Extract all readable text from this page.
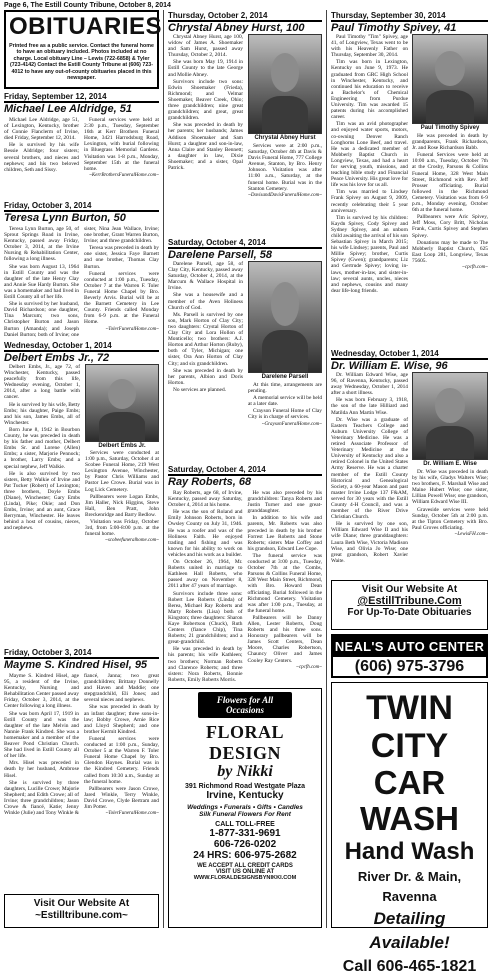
Page 6, The Estill County Tribune, October 8, 2014
OBITUARIES
Printed free as a public service. Contact the funeral home to have an obituary included. Photos included at no charge. Local obituary Line – Lewis (722-6858) & Tyler (723-4142) Contact the Estill County Tribune at (606) 723-4012 to have any out-of-county obituaries placed in this newspaper.
Friday, September 12, 2014
Michael Lee Aldridge, 51

Michael Lee Aldridge, age 51, of Lexington, Kentucky, brother of Connie Flanclerm of Irvine, died Friday, September 12, 2014.

He is survived by his wife Bessie Aldridge; four sisters; several brothers, and nieces and nephews; and his two beloved children, Seth and Sissy.

Funeral services were held at 2:30 p.m., Tuesday, September 16th at Kerr Brothers Funeral Home, 3421 Harrodsburg Road, Lexington, with burial following in Bluegrass Memorial Gardens. Visitation was 1-8 p.m., Monday, September 15th at the funeral home.

~KerrBrothersFuneralHome.com~
Friday, October 3, 2014
Teresa Lynn Burton, 50

Teresa Lynn Burton, age 50, of Sprout Springs Road in Irvine, Kentucky, passed away Friday, October 3, 2014, at the Irvine Nursing & Rehabilitation Center, following a long illness.

She was born August 13, 1964 in Estill County and was the daughter of the late Henry Clay and Annie Sue Hardy Burton. She was a homemaker and had lived in Estill County all of her life.

She is survived by her husband, David Richardson; one daughter, Tina Marcum; two sons, Christopher Burton and Jason Burton (Amanda); and Joseph Daniel Burton; both of Irvine; one sister, Nina Jean Wallace, Irvine; one brother, Grant Warren Burton, Irvine; and three grandchildren.

Teresa was preceded in death by one sister, Jessica Faye Barnett and one brother, Thomas Clay Burton.

Funeral services were conducted at 1:00 p.m., Tuesday, October 7 at the Warren F. Toler Funeral Home Chapel by Bro. Beverly Arvis. Burial will be at the Barnett Cemetery in Lee County. Friends called Monday from 6-9 p.m. at the Funeral Home.

~TolerFuneralHome.com~
Wednesday, October 1, 2014
Delbert Embs Jr., 72
Delbert Embs Jr.

Delbert Embs, Jr., age 72, of Winchester, Kentucky, passed peacefully from this life, Wednesday evening, October 1, 2014, after a long battle with cancer.

He is survived by his wife, Betty Embs; his daughter, Paige Embs; and his son, James Embs, all of Winchester.

Born June 8, 1942 in Bourbon County, he was preceded in death by his father and mother, Delbert Embs Sr. and Lorene (Allen) Embs; a sister, Marjorie Pennock; a brother, Larry Embs; and a special nephew, Jeff Walkie.

He is also survived by two sisters, Betty Walkie of Irvine and Pat Tucker (Robert) of Lexington; three brothers, Doyle Embs (Diane), Winchester; Gary Embs (Linda), Pike; Okie; and Don Embs, Irvine; and an aunt, Grace Berryman, Winchester. He leaves behind a host of cousins, nieces, and nephews.

Services were conducted at 1:00 p.m., Saturday, October 4 at Scobee Funeral Home, 219 West Lexington Avenue, Winchester, by Pastor Chris Williams and Pastor Lee Crowe. Burial was in Log Lick Cemetery.

Pallbearers were Logan Embs, Jim Haller, Nick Higgins, Steve Hall, Ben Pratt, John Breckenridge and Barry Bedlow.

Visitation was Friday, October 3rd, from 5:00-8:00 p.m. at the funeral home.

~scobeefuneralhome.com~
Friday, October 3, 2014
Mayme S. Kindred Hisel, 95

Mayme S. Kindred Hisel, age 95, a resident of the Irvine, Kentucky, Nursing and Rehabilitation Center passed away Friday, October 3, 2014, at the Center following a long illness.

She was born April 17, 1919 in Estill County and was the daughter of the late Melvin and Nannie Frank Kindred. She was a homemaker and a member of the Beaver Pond Christian Church. She had lived in Estill County all of her life.

Mrs. Hisel was preceded in death by her husband, Ambrose Hisel.

She is survived by three daughters, Lucille Crowe; Majorie Shepherd; and Edith Crowe; all of Irvine; three grandchildren; Jason Crowe & fiancé, Katie; Jenny Winkle (Julie) and Tony Winkle & fiancé, Janna; two great grandchildren; Brittany Donnelly and Haven and Maddie; one stepgrandchild, Eli Jones; and several nieces and nephews.

She was preceded in death by an infant daughter; three sons-in-law; Bobby Crowe, Arnie Rice and Lloyd Shepherd; and one brother Kermit Kindred.

Funeral services were conducted at 1:00 p.m., Sunday, October 5 at the Warren F. Toler Funeral Home Chapel by Bro. Glendon Haynes. Burial was in the Kindred Cemetery. Friends called from 10:30 a.m., Sunday at the funeral home.

Pallbearers were Jason Crowe, Jared Winkle, Terry Winkle, David Crowe, Clyde Bertram and Jim Potter.

~TolerFuneralHome.com~
Visit Our Website At
~Estilltribune.com~
Thursday, October 2, 2014
Chrystal Abney Hurst, 100

Chrystal Abney Hurst, age 100, widow of James A. Shoemaker and Sam Hurst, passed away Thursday, October 2, 2014.

She was born May 19, 1914 in Estill County to the late George and Mollie Abney.

Survivors include two sons: Edwin Shoemaker (Frieda), Richmond; and Velmar Shoemaker, Beaver Creek, Ohio; three grandchildren; nine great grandchildren; and great, great grandchildren.

She was preceded in death by her parents; her husbands; James Addison Shoemaker and Sam Hurst; a daughter and son-in-law, Anna Claire and Stanley Bennett; a daughter in law, Dixie Shoemaker; and a sister, Opal Patrick.

Chrystal Abney Hurst

Services were at 2:00 p.m., Saturday, October 4th at Davis & Davis Funeral Home, 777 College Avenue, Stanton, by Bro. Henry Johnson. Visitation was after 11:00 a.m., Saturday, at the funeral home. Burial was in the Stanton Cemetery.

~DavisandDavisFuneralHome.com~
Saturday, October 4, 2014
Darelene Parsell, 58

Darelene Parsell, age 58, of Clay City, Kentucky, passed away Saturday, October 4, 2014, at the Marcum & Wallace Hospital in Irvine.

She was a housewife and a member of the Aven Holiness Church of God.

Ms. Parsell is survived by one son, Mark Horton of Clay City; two daughters: Crystal Horton of Clay City and Lora Hollon of Monticello; two brothers: A.J. Horton and Arthur Horton (Ruby), both of Tyler, Michigan; one sister, Ora Ann Horton of Clay City; and six grandchildren.

She was preceded in death by her parents, Albion and Doris Horton.

No services are planned.

Darelene Parsell

At this time, arrangements are pending.

A memorial service will be held at a later date.

Crayson Funeral Home of Clay City is in charge of services.

~GraysonFuneralHome.com~
Saturday, October 4, 2014
Ray Roberts, 68

Ray Roberts, age 68, of Irvine, Kentucky, passed away Saturday, October 4, 2014 at his home.

He was the son of Roland and Emily Johnson Roberts, born in Owsley County on July 31, 1946. He was a roofer and was of the Holiness Faith. He enjoyed trading and fishing and was known for his ability to work on vehicles and his work as a builder.

On October 26, 1964, Mr. Roberts united in marriage to Kathleen Hall Roberts, who passed away on November 8, 2011 after 47 years of marriage.

Survivors include three sons: Robert Lee Roberts (Linda) of Berea, Michael Ray Roberts and Marty Roberts (Lisa) both of Kingston; three daughters: Sharon Kaye Robertson (Chuck), Ruth Centers (fiance Chip), Tina Roberts; 21 grandchildren; and a great-grandchild.

He was preceded in death by his parents; his wife Kathleen; two brothers; Norman Roberts and Clarence Roberts; and three sisters: Nora Roberts, Bonnie Roberts, Emily Roberts Morris.

He was also preceded by his grandchildren: Tanya Roberts and Justin Turner and one great-granddaughter.

In addition to his wife and parents, Mr. Roberts was also preceded in death by his brother Forrest Lee Roberts and Stone Roberts; sisters Mae Coffey and his grandson, Edward Lee Cope.

The funeral service was conducted at 3:00 p.m., Tuesday, October 7th at the Combs, Parsons & Collins Funeral Home, 328 West Main Street, Richmond, with Bro. Howard Dean officiating. Burial followed in the Richmond Cemetery. Visitation was after 1:00 p.m., Tuesday, at the funeral home.

Pallbearers will be Danny Allen, Lester Roberts, Doug Roberts and his three sons. Honorary pallbearers will be James Scott Centers, Dean Moore, Charles Robertson, Chauncy Oliver and James Cooley Ray Centers.

~cpcfh.com~
Flowers for All Occasions
FLORAL DESIGN
by Nikki
391 Richmond Road Westgate Plaza
Irvine, Kentucky
Weddings • Funerals • Gifts • Candles
Silk Funeral Flowers For Rent
CALL TOLL-FREE
1-877-331-9691
606-726-0202
24 HRS: 606-975-2682
WE ACCEPT ALL CREDIT CARDS
VISIT US ONLINE AT
WWW.FLORALDESIGNSBYNIKKI.COM
Thursday, September 30, 2014
Paul Timothy Spivey, 41

Paul Timothy "Tim" Spivey, age 41, of Longview, Texas went to be with his Heavenly Father on Thursday, September 30, 2014.

Tim was born in Lexington, Kentucky on June 9, 1973. He graduated from GRC High School in Winchester, Kentucky, and continued his education to receive a Bachelor's of Chemical Engineering from Purdue University. Tim was awarded 15 patents during his accomplished career.

Tim was an avid photographer and enjoyed water sports, motors, co-owning Denver Ranch Longhorns Lone Beef, and travel. He was a dedicated member of Mobberly Baptist Church in Longview, Texas, and had a heart for serving youth, missions, and teaching bible study and Financial Peace University. His great love for life was his love for us all.

Tim was married to Lindsey Frank Spivey on August 9, 2009, recently celebrating their 5 year anniversary.

Tim is survived by his children: Kaydn Spivey, Cody Spivey and Sydney Spivey, and an unborn child awaiting the arrival of his son Sebastian Spivey in March 2015; his wife Lindsey; parents, Paul and Millie Spivey; brother, Curtis Spivey (Gwen); grandparents; Liz and Gertrude Spivey; loving in-laws, mother-in-law, and sister-in-law; several aunts, uncles, nieces and nephews, cousins and many dear life-long friends.

Paul Timothy Spivey

He was preceded in death by grandparents, Frank Richardson, Jr. and Rose Richardson Babb.

Funeral Services were held at 10:00 a.m., Tuesday, October 7th at the Crosby, Parsons & Collins Funeral Home, 328 West Main Street, Richmond with Rev. Jeff Prosser officiating. Burial followed in the Richmond Cemetery. Visitation was from 6-9 p.m., Monday evening, October 6th at the funeral home.

Pallbearers were Aric Spivey, Jeff Moss, Cory Britt, Nicholas Frank, Curtis Spivey and Stephen Spivey.

Donations may be made to The Mobberly Baptist Church, 625 East Loop 281, Longview, Texas 75605.

~cpcfh.com~
Wednesday, October 1, 2014
Dr. William E. Wise, 96

Dr. William Edward Wise, age 96, of Ravenna, Kentucky, passed away Wednesday, October 1, 2014 after a short illness.

He was born February 3, 1918, the son of the late Hilliard and Matilda Ann Martin Wise.

Dr. Wise was a graduate of Eastern Teachers College and Auburn University College of Veterinary Medicine. He was a retired Associate Professor of Veterinary Medicine at the University of Kentucky and also a retired Colonel in the United States Army Reserve. He was a charter member of the Estill County Historical and Genealogical Society, a 60-year Mason and past master Irvine Lodge 137 F&AM, served for 30 years with the Estill County 4-H Council, and was a member of the River Drive Christian Church.

He is survived by one son, William Edward Wise II and his wife Diane; three granddaughters: Laura Beth Wise, Victoria Madison Wise, and Olivia Jo Wise; one great grandson, Robert Xavier Waite.

Dr. William E. Wise

Dr. Wise was preceded in death by his wife, Gladys Walters Wise; two brothers, F. Marshall Wise and Maine Hubert Wise; one sister, Lillian Powell Wise; one grandson, William Edward Wise III.

Graveside services were held Sunday, October 5th at 2:00 p.m. at the Tipton Cemetery with Bro. Paul Groves officiating.

~LewisFH.com~
Visit Our Website At
@EstillTribune.Com
For Up-To-Date Obituaries
NEAL'S AUTO CENTER
(606) 975-3796
TWIN CITY
CAR WASH
Hand Wash
River Dr. & Main, Ravenna
Detailing Available!
Call 606-465-1821
